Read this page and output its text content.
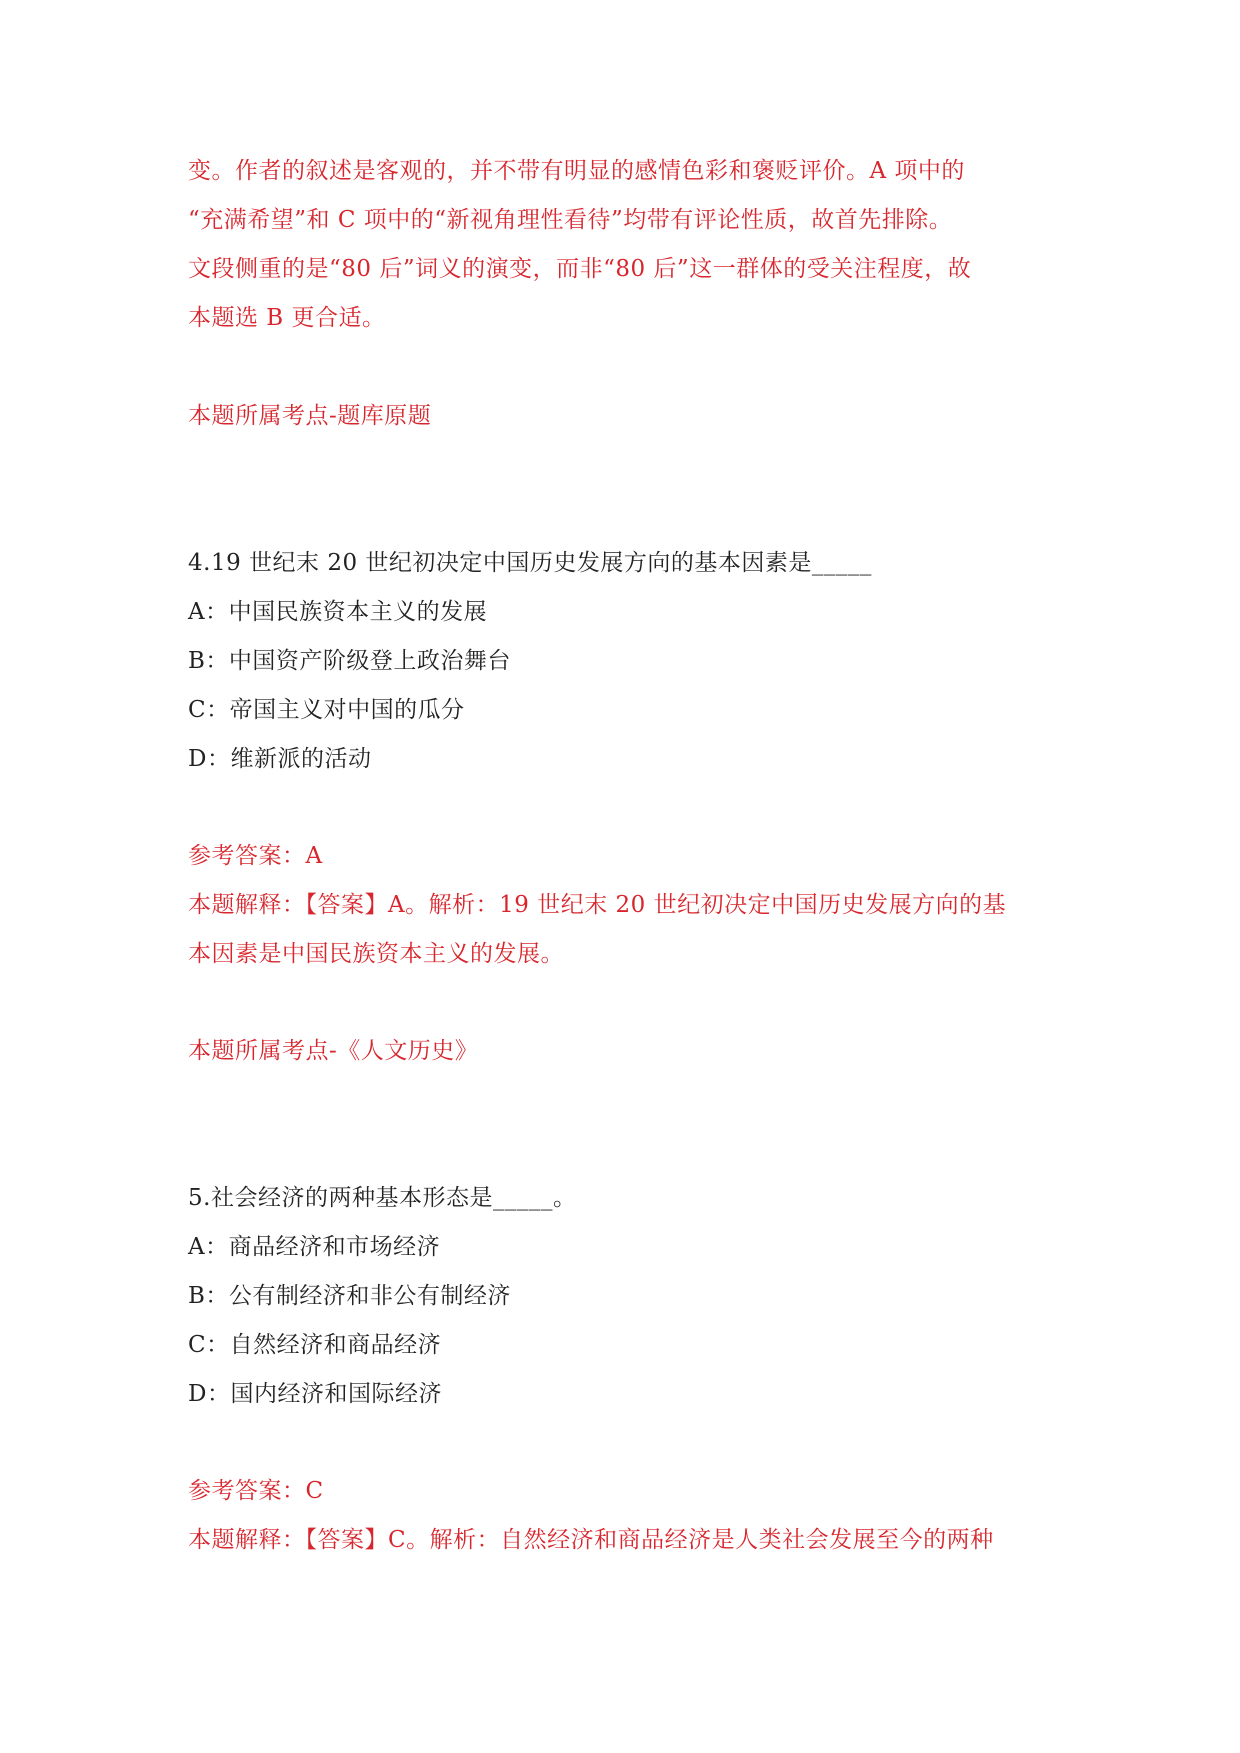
变。作者的叙述是客观的，并不带有明显的感情色彩和褒贬评价。A 项中的
“充满希望”和 C 项中的“新视角理性看待”均带有评论性质，故首先排除。
文段侧重的是“80 后”词义的演变，而非“80 后”这一群体的受关注程度，故
本题选 B 更合适。
本题所属考点-题库原题
4.19 世纪末 20 世纪初决定中国历史发展方向的基本因素是_____
A：中国民族资本主义的发展
B：中国资产阶级登上政治舞台
C：帝国主义对中国的瓜分
D：维新派的活动
参考答案：A
本题解释：【答案】A。解析：19 世纪末 20 世纪初决定中国历史发展方向的基
本因素是中国民族资本主义的发展。
本题所属考点-《人文历史》
5.社会经济的两种基本形态是_____。
A：商品经济和市场经济
B：公有制经济和非公有制经济
C：自然经济和商品经济
D：国内经济和国际经济
参考答案：C
本题解释：【答案】C。解析：自然经济和商品经济是人类社会发展至今的两种
